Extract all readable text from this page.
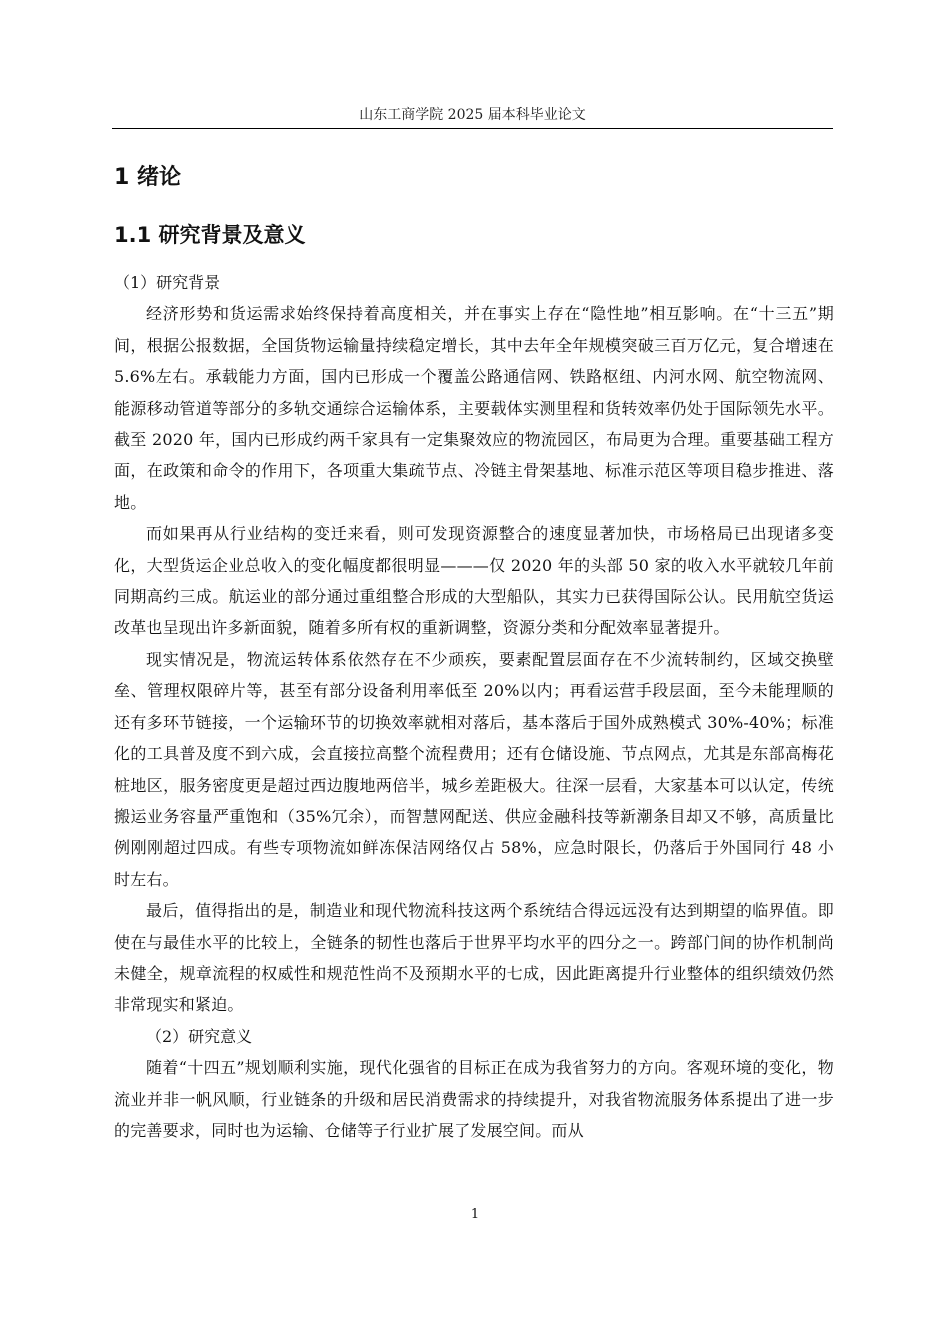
山东工商学院 2025 届本科毕业论文
1 绪论
1.1 研究背景及意义
（1）研究背景

经济形势和货运需求始终保持着高度相关，并在事实上存在“隐性地”相互影响。在“十三五”期间，根据公报数据，全国货物运输量持续稳定增长，其中去年全年规模突破三百万亿元，复合增速在 5.6%左右。承载能力方面，国内已形成一个覆盖公路通信网、铁路枢纽、内河水网、航空物流网、能源移动管道等部分的多轨交通综合运输体系，主要载体实测里程和货转效率仍处于国际领先水平。截至 2020 年，国内已形成约两千家具有一定集聚效应的物流园区，布局更为合理。重要基础工程方面，在政策和命令的作用下，各项重大集疏节点、冷链主骨架基地、标准示范区等项目稳步推进、落地。

而如果再从行业结构的变迁来看，则可发现资源整合的速度显著加快，市场格局已出现诸多变化，大型货运企业总收入的变化幅度都很明显———仅 2020 年的头部 50 家的收入水平就较几年前同期高约三成。航运业的部分通过重组整合形成的大型船队，其实力已获得国际公认。民用航空货运改革也呈现出许多新面貌，随着多所有权的重新调整，资源分类和分配效率显著提升。

现实情况是，物流运转体系依然存在不少顽疾，要素配置层面存在不少流转制约，区域交换壁垒、管理权限碎片等，甚至有部分设备利用率低至 20%以内；再看运营手段层面，至今未能理顺的还有多环节链接，一个运输环节的切换效率就相对落后，基本落后于国外成熟模式 30%-40%；标准化的工具普及度不到六成，会直接拉高整个流程费用；还有仓储设施、节点网点，尤其是东部高梅花桩地区，服务密度更是超过西边腹地两倍半，城乡差距极大。往深一层看，大家基本可以认定，传统搬运业务容量严重饱和（35%冗余），而智慧网配送、供应金融科技等新潮条目却又不够，高质量比例刚刚超过四成。有些专项物流如鲜冻保洁网络仅占 58%，应急时限长，仍落后于外国同行 48 小时左右。

最后，值得指出的是，制造业和现代物流科技这两个系统结合得远远没有达到期望的临界值。即使在与最佳水平的比较上，全链条的韧性也落后于世界平均水平的四分之一。跨部门间的协作机制尚未健全，规章流程的权威性和规范性尚不及预期水平的七成，因此距离提升行业整体的组织绩效仍然非常现实和紧迫。

（2）研究意义

随着“十四五”规划顺利实施，现代化强省的目标正在成为我省努力的方向。客观环境的变化，物流业并非一帆风顺，行业链条的升级和居民消费需求的持续提升，对我省物流服务体系提出了进一步的完善要求，同时也为运输、仓储等子行业扩展了发展空间。而从

1
